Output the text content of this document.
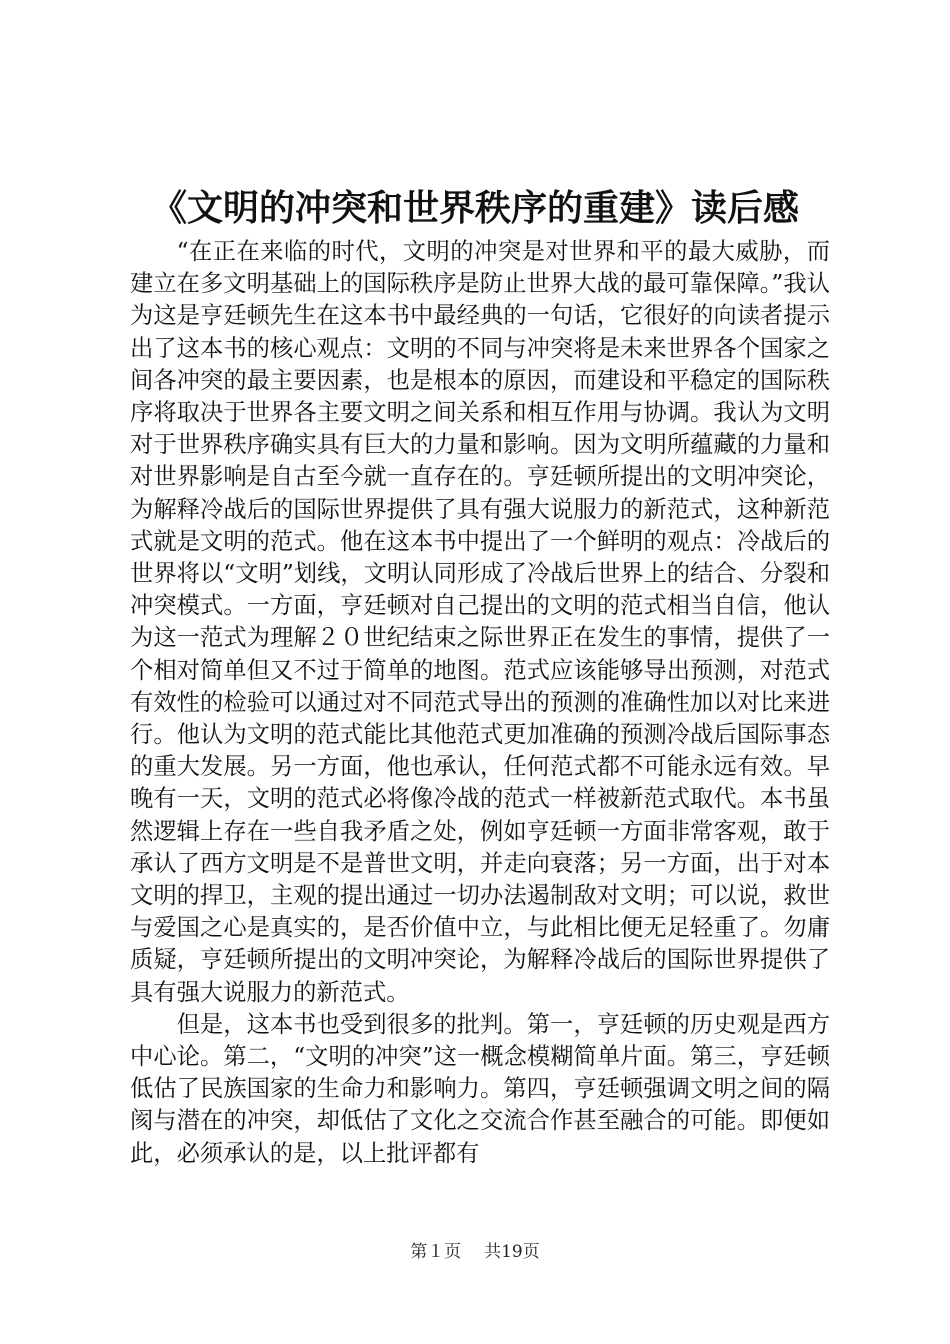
《文明的冲突和世界秩序的重建》读后感

“在正在来临的时代，文明的冲突是对世界和平的最大威胁，而建立在多文明基础上的国际秩序是防止世界大战的最可靠保障。”我认为这是亨廷顿先生在这本书中最经典的一句话，它很好的向读者提示出了这本书的核心观点：文明的不同与冲突将是未来世界各个国家之间各冲突的最主要因素，也是根本的原因，而建设和平稳定的国际秩序将取决于世界各主要文明之间关系和相互作用与协调。我认为文明对于世界秩序确实具有巨大的力量和影响。因为文明所蕴藏的力量和对世界影响是自古至今就一直存在的。亨廷顿所提出的文明冲突论，为解释冷战后的国际世界提供了具有强大说服力的新范式，这种新范式就是文明的范式。他在这本书中提出了一个鲜明的观点：冷战后的世界将以“文明”划线，文明认同形成了冷战后世界上的结合、分裂和冲突模式。一方面，亨廷顿对自己提出的文明的范式相当自信，他认为这一范式为理解２０世纪结束之际世界正在发生的事情，提供了一个相对简单但又不过于简单的地图。范式应该能够导出预测，对范式有效性的检验可以通过对不同范式导出的预测的准确性加以对比来进行。他认为文明的范式能比其他范式更加准确的预测冷战后国际事态的重大发展。另一方面，他也承认，任何范式都不可能永远有效。早晚有一天，文明的范式必将像冷战的范式一样被新范式取代。本书虽然逻辑上存在一些自我矛盾之处，例如亨廷顿一方面非常客观，敢于承认了西方文明是不是普世文明，并走向衰落；另一方面，出于对本文明的捍卫，主观的提出通过一切办法遏制敌对文明；可以说，救世与爱国之心是真实的，是否价值中立，与此相比便无足轻重了。勿庸质疑，亨廷顿所提出的文明冲突论，为解释冷战后的国际世界提供了具有强大说服力的新范式。

但是，这本书也受到很多的批判。第一，亨廷顿的历史观是西方中心论。第二，“文明的冲突”这一概念模糊简单片面。第三，亨廷顿低估了民族国家的生命力和影响力。第四，亨廷顿强调文明之间的隔阂与潜在的冲突，却低估了文化之交流合作甚至融合的可能。即便如此，必须承认的是，以上批评都有

第１页 共19页
